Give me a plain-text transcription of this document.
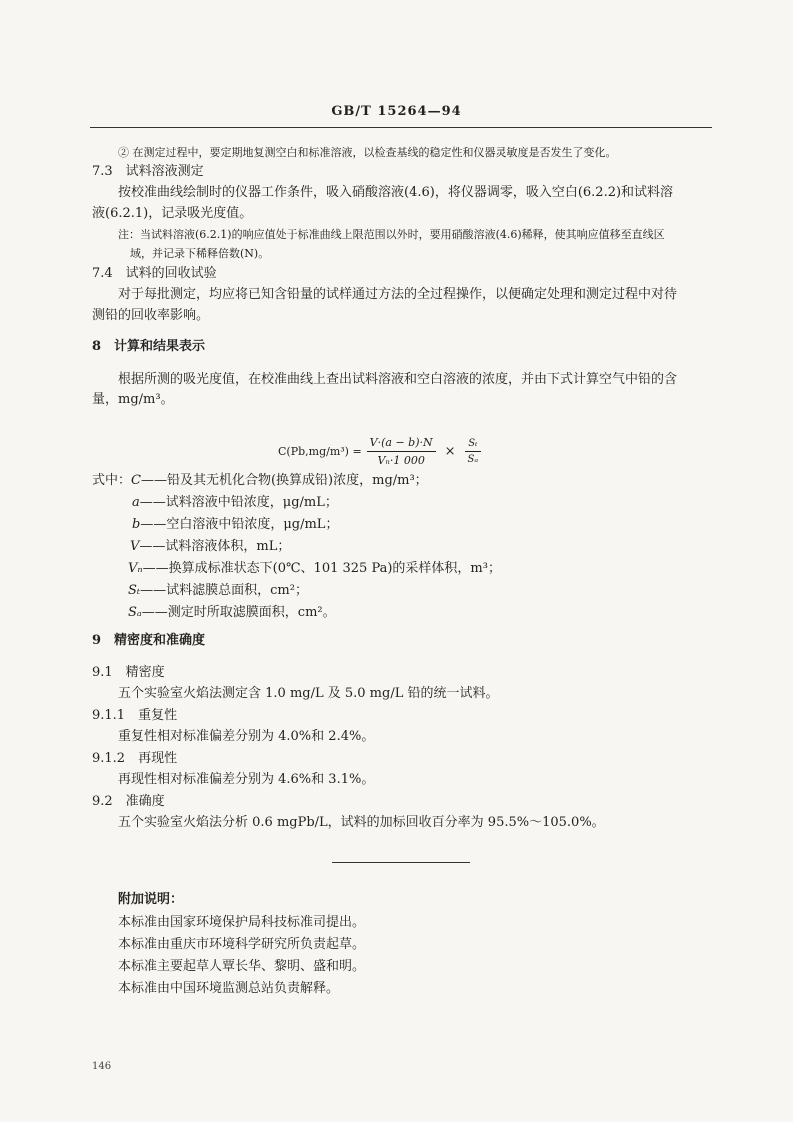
GB/T 15264—94
② 在测定过程中，要定期地复测空白和标准溶液，以检查基线的稳定性和仪器灵敏度是否发生了变化。
7.3　试料溶液测定
按校准曲线绘制时的仪器工作条件，吸入硝酸溶液(4.6)，将仪器调零，吸入空白(6.2.2)和试料溶
液(6.2.1)，记录吸光度值。
注：当试料溶液(6.2.1)的响应值处于标准曲线上限范围以外时，要用硝酸溶液(4.6)稀释，使其响应值移至直线区
域，并记录下稀释倍数(N)。
7.4　试料的回收试验
对于每批测定，均应将已知含铅量的试样通过方法的全过程操作，以便确定处理和测定过程中对待
测铅的回收率影响。
8　计算和结果表示
根据所测的吸光度值，在校准曲线上查出试料溶液和空白溶液的浓度，并由下式计算空气中铅的含
量，mg/m³。
$C(Pb,mg/m^3) = \frac{V\cdot(a - b)\cdot N}{\text{Vₙ·1 000}} \times \frac{\text{Sₜ}}{\text{Sₐ}}$
式中：C——铅及其无机化合物(换算成铅)浓度，mg/m³；
a——试料溶液中铅浓度，μg/mL；
b——空白溶液中铅浓度，μg/mL；
V——试料溶液体积，mL；
Vₙ——换算成标准状态下(0℃、101 325 Pa)的采样体积，m³；
Sₜ——试料滤膜总面积，cm²；
Sₐ——测定时所取滤膜面积，cm²。
9　精密度和准确度
9.1　精密度
五个实验室火焰法测定含 1.0 mg/L 及 5.0 mg/L 铅的统一试料。
9.1.1　重复性
重复性相对标准偏差分别为 4.0%和 2.4%。
9.1.2　再现性
再现性相对标准偏差分别为 4.6%和 3.1%。
9.2　准确度
五个实验室火焰法分析 0.6 mgPb/L，试料的加标回收百分率为 95.5%～105.0%。
附加说明：
本标准由国家环境保护局科技标准司提出。
本标准由重庆市环境科学研究所负责起草。
本标准主要起草人覃长华、黎明、盛和明。
本标准由中国环境监测总站负责解释。
146
